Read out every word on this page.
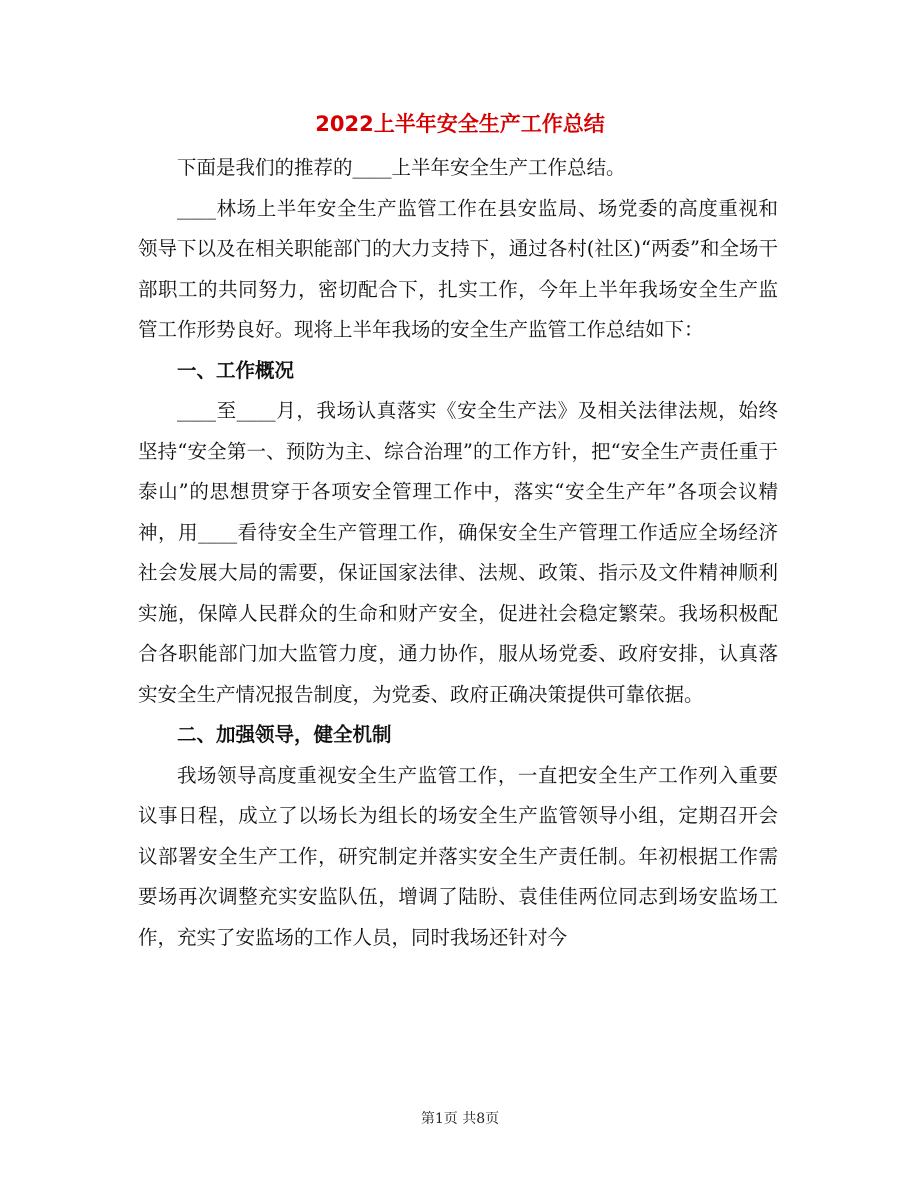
2022上半年安全生产工作总结

下面是我们的推荐的____上半年安全生产工作总结。

____林场上半年安全生产监管工作在县安监局、场党委的高度重视和领导下以及在相关职能部门的大力支持下，通过各村(社区)“两委”和全场干部职工的共同努力，密切配合下，扎实工作，今年上半年我场安全生产监管工作形势良好。现将上半年我场的安全生产监管工作总结如下：

一、工作概况

____至____月，我场认真落实《安全生产法》及相关法律法规，始终坚持“安全第一、预防为主、综合治理”的工作方针，把“安全生产责任重于泰山”的思想贯穿于各项安全管理工作中，落实“安全生产年”各项会议精神，用____看待安全生产管理工作，确保安全生产管理工作适应全场经济社会发展大局的需要，保证国家法律、法规、政策、指示及文件精神顺利实施，保障人民群众的生命和财产安全，促进社会稳定繁荣。我场积极配合各职能部门加大监管力度，通力协作，服从场党委、政府安排，认真落实安全生产情况报告制度，为党委、政府正确决策提供可靠依据。

二、加强领导，健全机制

我场领导高度重视安全生产监管工作，一直把安全生产工作列入重要议事日程，成立了以场长为组长的场安全生产监管领导小组，定期召开会议部署安全生产工作，研究制定并落实安全生产责任制。年初根据工作需要场再次调整充实安监队伍，增调了陆盼、袁佳佳两位同志到场安监场工作，充实了安监场的工作人员，同时我场还针对今

第1页 共8页
